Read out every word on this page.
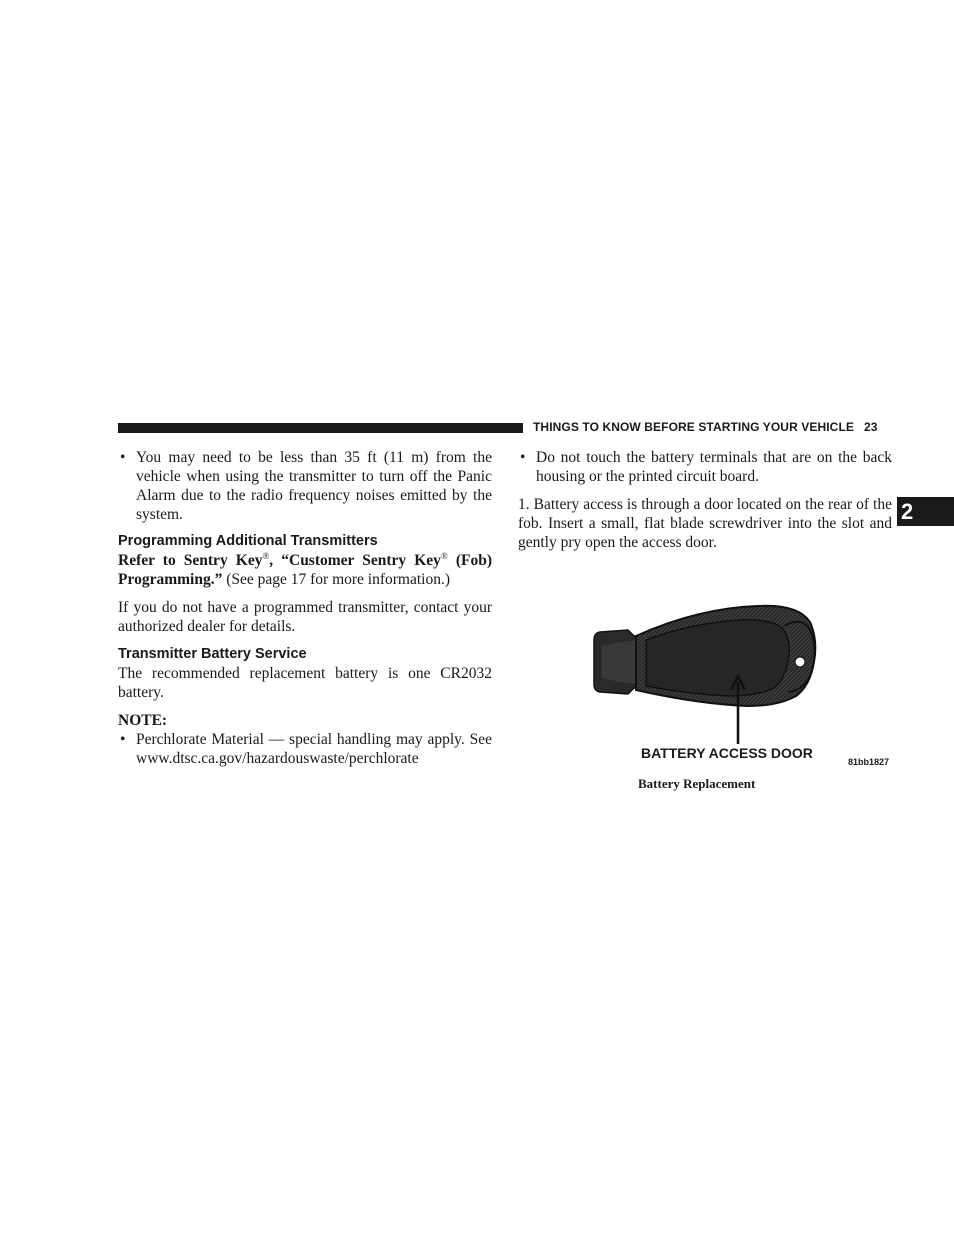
THINGS TO KNOW BEFORE STARTING YOUR VEHICLE 23
2
• You may need to be less than 35 ft (11 m) from the vehicle when using the transmitter to turn off the Panic Alarm due to the radio frequency noises emitted by the system.
Programming Additional Transmitters

Refer to Sentry Key®, “Customer Sentry Key® (Fob) Programming.” (See page 17 for more information.)

If you do not have a programmed transmitter, contact your authorized dealer for details.

Transmitter Battery Service

The recommended replacement battery is one CR2032 battery.

NOTE:

• Perchlorate Material — special handling may apply. See www.dtsc.ca.gov/hazardouswaste/perchlorate
• Do not touch the battery terminals that are on the back housing or the printed circuit board.

1. Battery access is through a door located on the rear of the fob. Insert a small, flat blade screwdriver into the slot and gently pry open the access door.

BATTERY ACCESS DOOR
81bb1827
Battery Replacement
